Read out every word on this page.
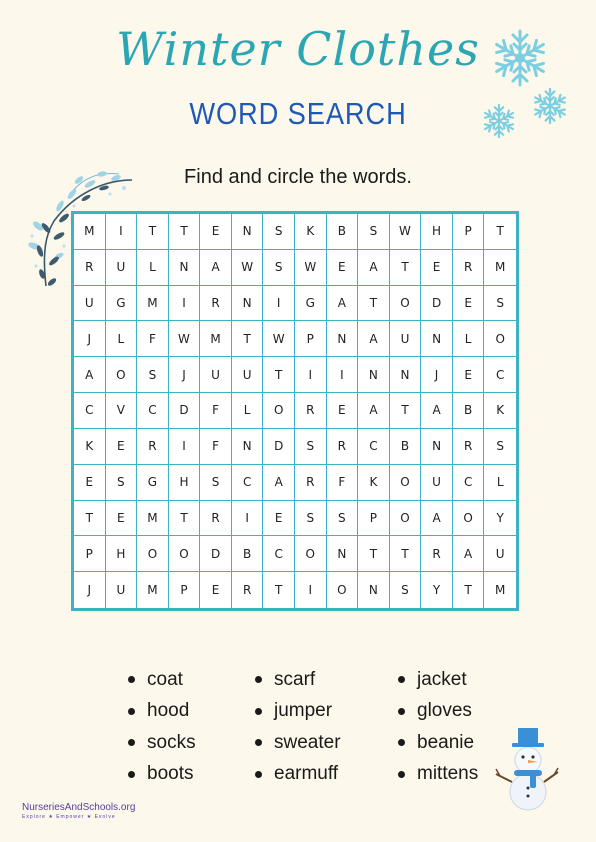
Winter Clothes
WORD SEARCH
Find and circle the words.
M	I	T	T	E	N	S	K	B	S	W	H	P	T
R	U	L	N	A	W	S	W	E	A	T	E	R	M
U	G	M	I	R	N	I	G	A	T	O	D	E	S
J	L	F	W	M	T	W	P	N	A	U	N	L	O
A	O	S	J	U	U	T	I	I	N	N	J	E	C
C	V	C	D	F	L	O	R	E	A	T	A	B	K
K	E	R	I	F	N	D	S	R	C	B	N	R	S
E	S	G	H	S	C	A	R	F	K	O	U	C	L
T	E	M	T	R	I	E	S	S	P	O	A	O	Y
P	H	O	O	D	B	C	O	N	T	T	R	A	U
J	U	M	P	E	R	T	I	O	N	S	Y	T	M
coat
hood
socks
boots
scarf
jumper
sweater
earmuff
jacket
gloves
beanie
mittens
NurseriesAndSchools.org
Explore ★ Empower ★ Evolve
